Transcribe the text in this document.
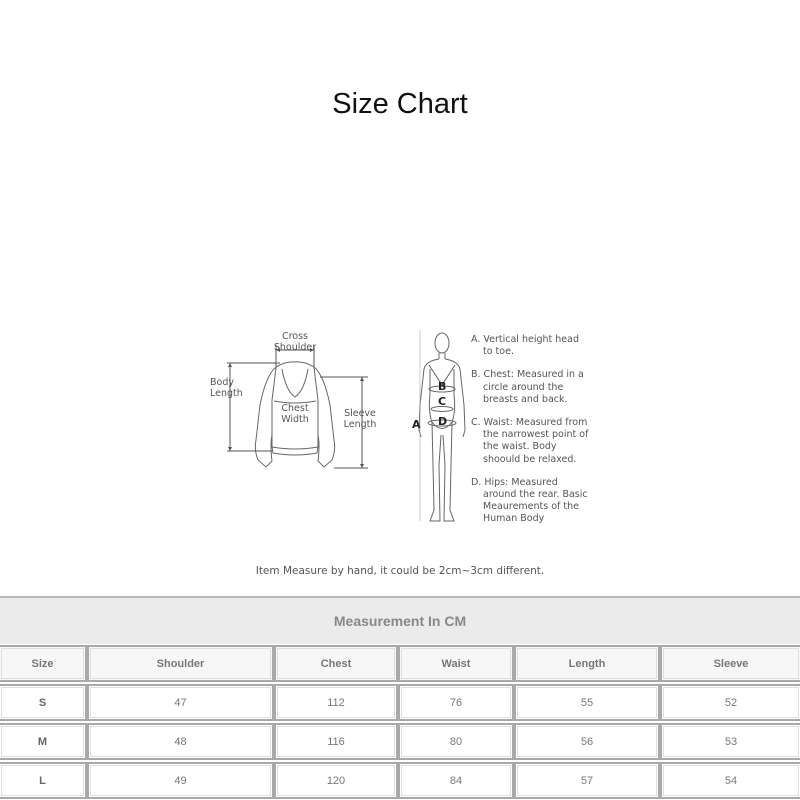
Size Chart
Cross
Shoulder
Body
Length
Chest
Width
Sleeve
Length	A
B
C
D
A. Vertical height head to toe.
B. Chest: Measured in a circle around the breasts and back.
C. Waist: Measured from the narrowest point of the waist. Body shoould be relaxed.
D. Hips: Measured around the rear. Basic Meaurements of the Human Body
Item Measure by hand, it could be 2cm~3cm different.
Measurement In CM
Size	Shoulder	Chest	Waist	Length	Sleeve
S	47	112	76	55	52
M	48	116	80	56	53
L	49	120	84	57	54
